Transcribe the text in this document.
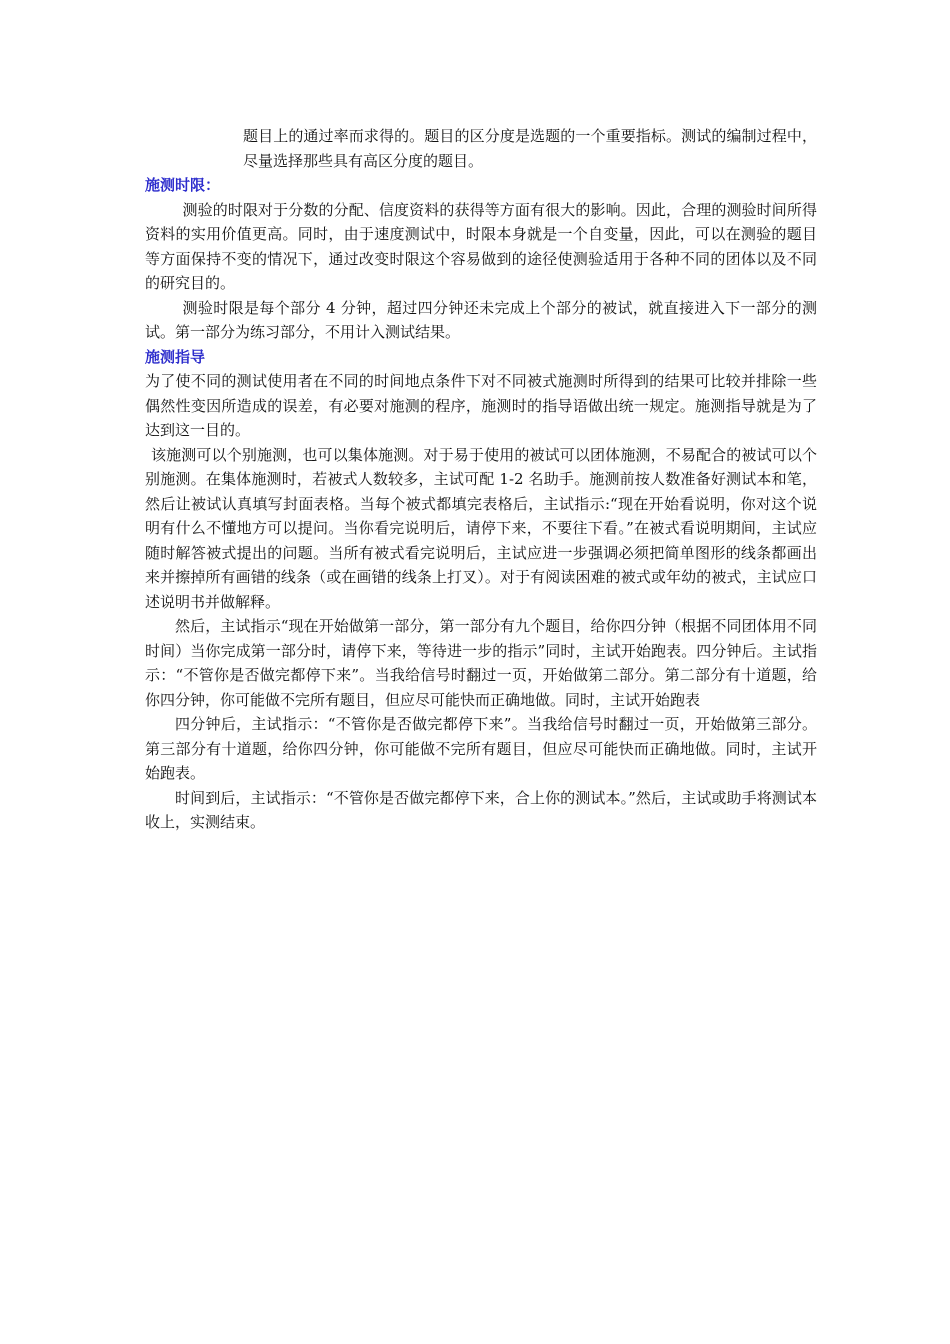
题目上的通过率而求得的。题目的区分度是选题的一个重要指标。测试的编制过程中，尽量选择那些具有高区分度的题目。

施测时限：

测验的时限对于分数的分配、信度资料的获得等方面有很大的影响。因此，合理的测验时间所得资料的实用价值更高。同时，由于速度测试中，时限本身就是一个自变量，因此，可以在测验的题目等方面保持不变的情况下，通过改变时限这个容易做到的途径使测验适用于各种不同的团体以及不同的研究目的。

测验时限是每个部分 4 分钟，超过四分钟还未完成上个部分的被试，就直接进入下一部分的测试。第一部分为练习部分，不用计入测试结果。

施测指导

为了使不同的测试使用者在不同的时间地点条件下对不同被式施测时所得到的结果可比较并排除一些偶然性变因所造成的误差，有必要对施测的程序，施测时的指导语做出统一规定。施测指导就是为了达到这一目的。

该施测可以个别施测，也可以集体施测。对于易于使用的被试可以团体施测，不易配合的被试可以个别施测。在集体施测时，若被式人数较多，主试可配 1-2 名助手。施测前按人数准备好测试本和笔，然后让被试认真填写封面表格。当每个被式都填完表格后，主试指示:“现在开始看说明，你对这个说明有什么不懂地方可以提问。当你看完说明后，请停下来，不要往下看。”在被式看说明期间，主试应随时解答被式提出的问题。当所有被式看完说明后，主试应进一步强调必须把简单图形的线条都画出来并擦掉所有画错的线条（或在画错的线条上打叉）。对于有阅读困难的被式或年幼的被式，主试应口述说明书并做解释。

然后，主试指示“现在开始做第一部分，第一部分有九个题目，给你四分钟（根据不同团体用不同时间）当你完成第一部分时，请停下来，等待进一步的指示”同时，主试开始跑表。四分钟后。主试指示：“不管你是否做完都停下来”。当我给信号时翻过一页，开始做第二部分。第二部分有十道题，给你四分钟，你可能做不完所有题目，但应尽可能快而正确地做。同时，主试开始跑表

四分钟后，主试指示：“不管你是否做完都停下来”。当我给信号时翻过一页，开始做第三部分。第三部分有十道题，给你四分钟，你可能做不完所有题目，但应尽可能快而正确地做。同时，主试开始跑表。

时间到后，主试指示：“不管你是否做完都停下来，合上你的测试本。”然后，主试或助手将测试本收上，实测结束。
